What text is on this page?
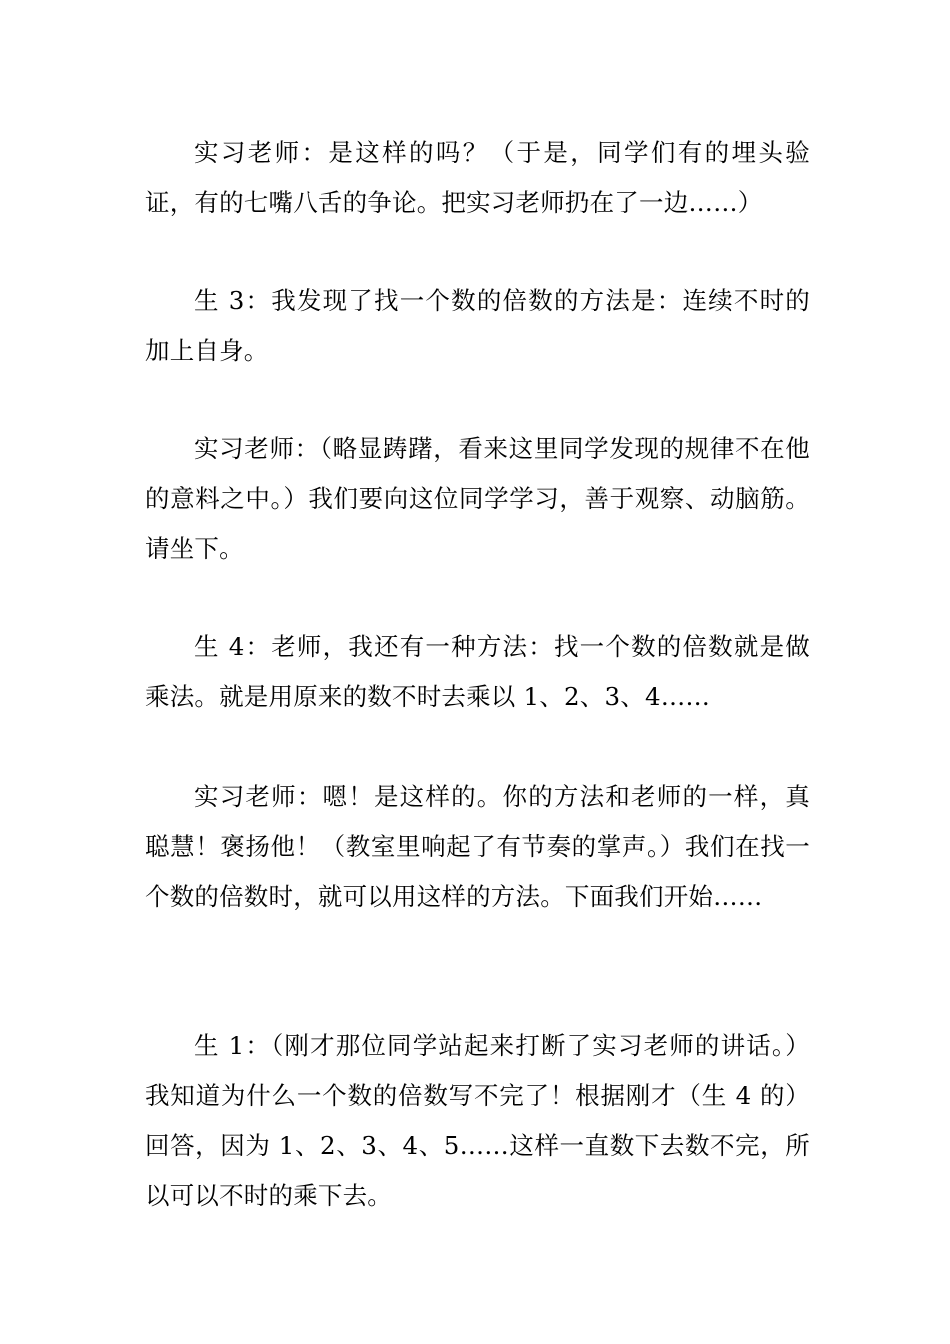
实习老师：是这样的吗？（于是，同学们有的埋头验证，有的七嘴八舌的争论。把实习老师扔在了一边……）

生 3：我发现了找一个数的倍数的方法是：连续不时的加上自身。

实习老师：（略显踌躇，看来这里同学发现的规律不在他的意料之中。）我们要向这位同学学习，善于观察、动脑筋。请坐下。

生 4：老师，我还有一种方法：找一个数的倍数就是做乘法。就是用原来的数不时去乘以 1、2、3、4……

实习老师：嗯！是这样的。你的方法和老师的一样，真聪慧！褒扬他！（教室里响起了有节奏的掌声。）我们在找一个数的倍数时，就可以用这样的方法。下面我们开始……

生 1：（刚才那位同学站起来打断了实习老师的讲话。）我知道为什么一个数的倍数写不完了！根据刚才（生 4 的）回答，因为 1、2、3、4、5……这样一直数下去数不完，所以可以不时的乘下去。
